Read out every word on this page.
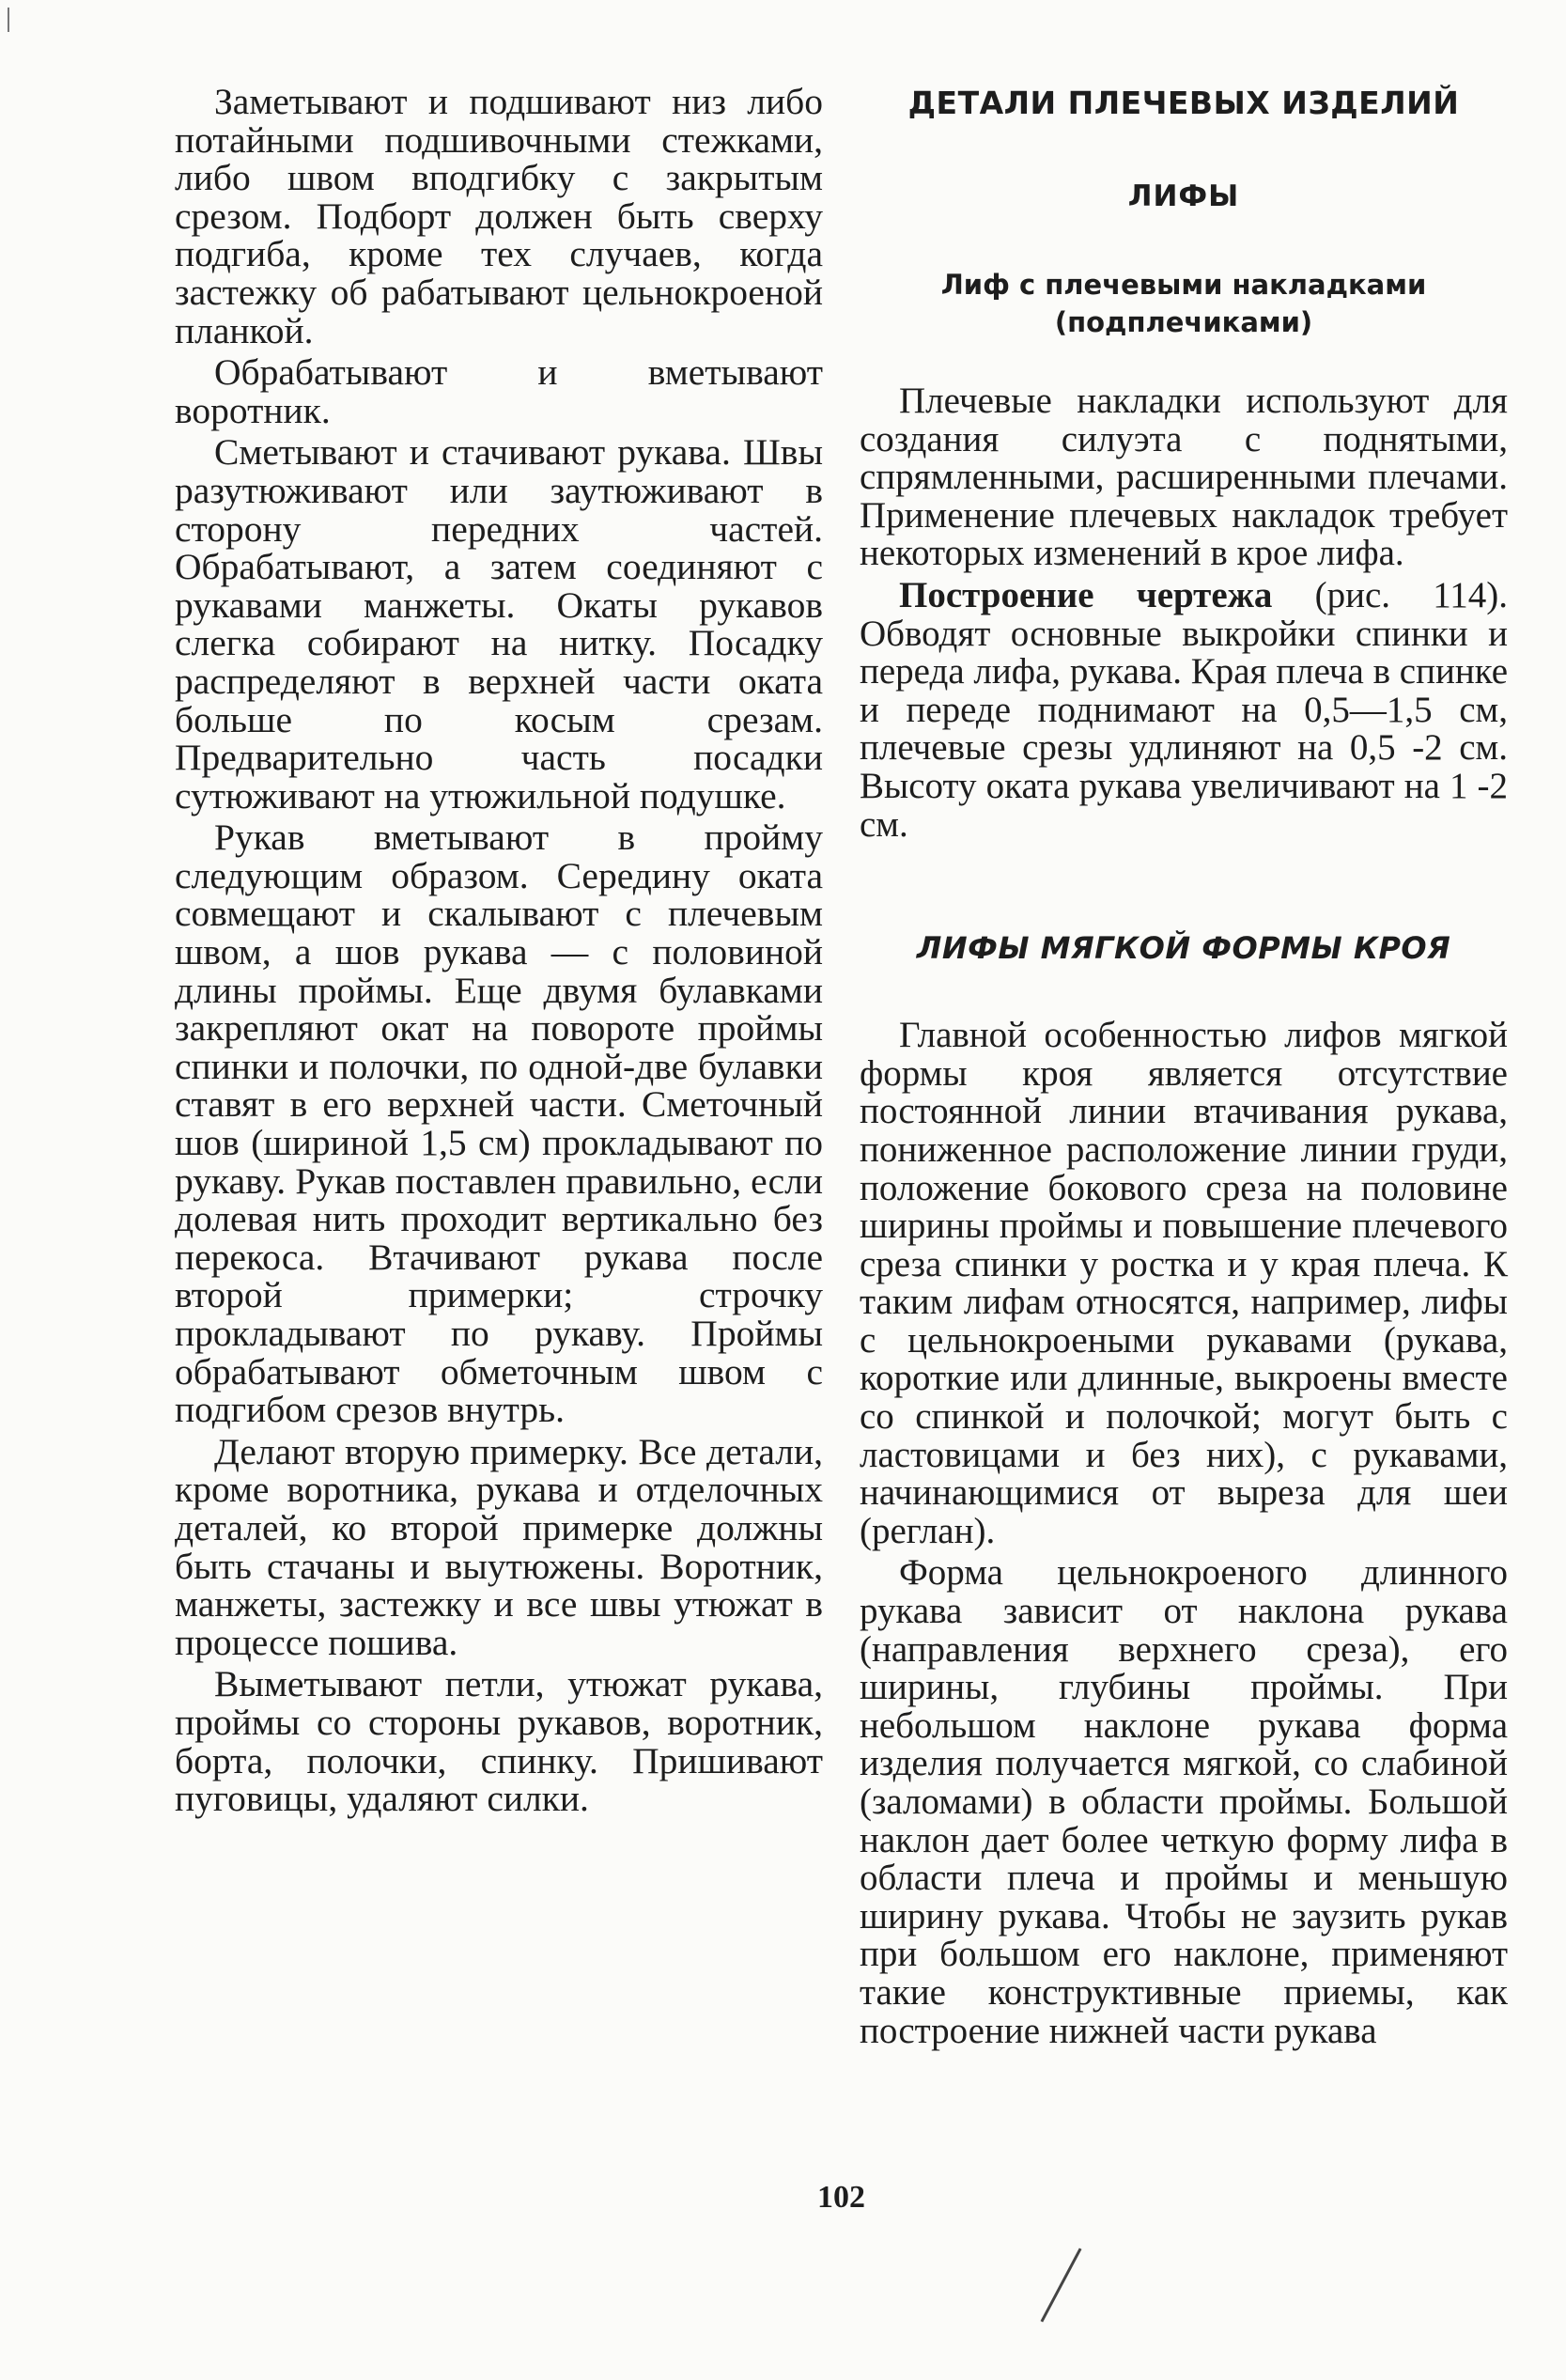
Заметывают и подшивают низ либо потайными подшивочными стежками, либо швом вподгибку с закрытым срезом. Подборт должен быть сверху подгиба, кроме тех случаев, когда застежку об рабатывают цельнокроеной планкой.

Обрабатывают и вметывают воротник.

Сметывают и стачивают рукава. Швы разутюживают или заутюживают в сторону передних частей. Обрабатывают, а затем соединяют с рукавами манжеты. Окаты рукавов слегка собирают на нитку. Посадку распределяют в верхней части оката больше по косым срезам. Предварительно часть посадки сутюживают на утюжильной подушке.

Рукав вметывают в пройму следующим образом. Середину оката совмещают и скалывают с плечевым швом, а шов рукава — с половиной длины проймы. Еще двумя булавками закрепляют окат на повороте проймы спинки и полочки, по одной-две булавки ставят в его верхней части. Сметочный шов (шириной 1,5 см) прокладывают по рукаву. Рукав поставлен правильно, если долевая нить проходит вертикально без перекоса. Втачивают рукава после второй примерки; строчку прокладывают по рукаву. Проймы обрабатывают обметочным швом с подгибом срезов внутрь.

Делают вторую примерку. Все детали, кроме воротника, рукава и отделочных деталей, ко второй примерке должны быть стачаны и выутюжены. Воротник, манжеты, застежку и все швы утюжат в процессе пошива.

Выметывают петли, утюжат рукава, проймы со стороны рукавов, воротник, борта, полочки, спинку. Пришивают пуговицы, удаляют силки.

ДЕТАЛИ ПЛЕЧЕВЫХ ИЗДЕЛИЙ
ЛИФЫ
Лиф с плечевыми накладками (подплечиками)

Плечевые накладки используют для создания силуэта с поднятыми, спрямленными, расширенными плечами. Применение плечевых накладок требует некоторых изменений в крое лифа.

Построение чертежа (рис. 114). Обводят основные выкройки спинки и переда лифа, рукава. Края плеча в спинке и переде поднимают на 0,5—1,5 см, плечевые срезы удлиняют на 0,5 -2 см. Высоту оката рукава увеличивают на 1 -2 см.

ЛИФЫ МЯГКОЙ ФОРМЫ КРОЯ

Главной особенностью лифов мягкой формы кроя является отсутствие постоянной линии втачивания рукава, пониженное расположение линии груди, положение бокового среза на половине ширины проймы и повышение плечевого среза спинки у ростка и у края плеча. К таким лифам относятся, например, лифы с цельнокроеными рукавами (рукава, короткие или длинные, выкроены вместе со спинкой и полочкой; могут быть с ластовицами и без них), с рукавами, начинающимися от выреза для шеи (реглан).

Форма цельнокроеного длинного рукава зависит от наклона рукава (направления верхнего среза), его ширины, глубины проймы. При небольшом наклоне рукава форма изделия получается мягкой, со слабиной (заломами) в области проймы. Большой наклон дает более четкую форму лифа в области плеча и проймы и меньшую ширину рукава. Чтобы не заузить рукав при большом его наклоне, применяют такие конструктивные приемы, как построение нижней части рукава

102
